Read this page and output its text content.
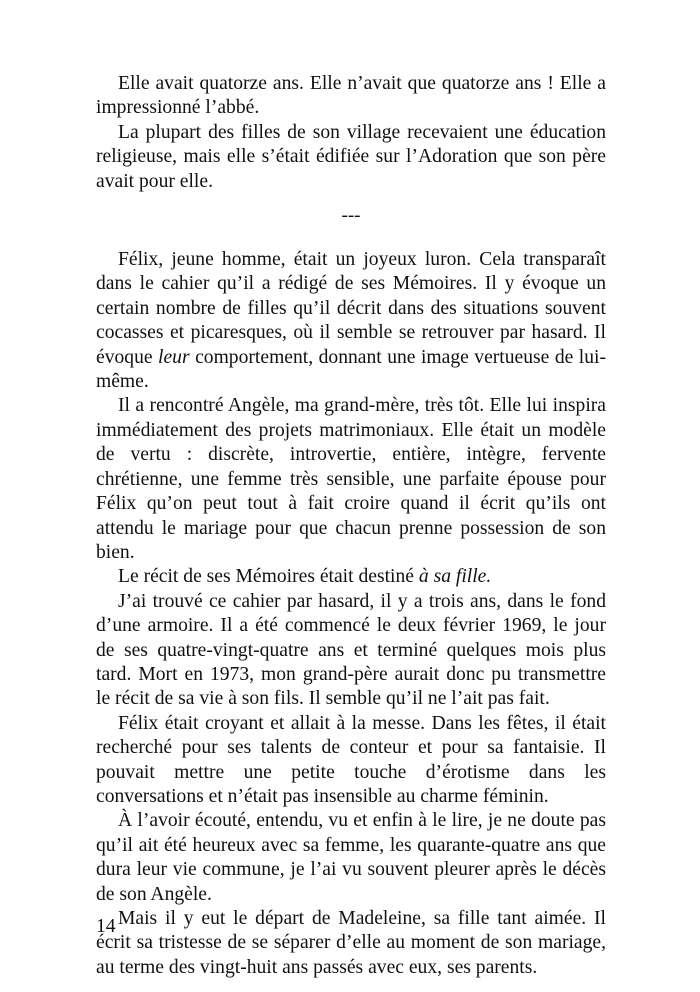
Elle avait quatorze ans. Elle n’avait que quatorze ans ! Elle a impressionné l’abbé.

La plupart des filles de son village recevaient une éducation religieuse, mais elle s’était édifiée sur l’Adoration que son père avait pour elle.

---

Félix, jeune homme, était un joyeux luron. Cela transparaît dans le cahier qu’il a rédigé de ses Mémoires. Il y évoque un certain nombre de filles qu’il décrit dans des situations souvent cocasses et picaresques, où il semble se retrouver par hasard. Il évoque leur comportement, donnant une image vertueuse de lui-même.

Il a rencontré Angèle, ma grand-mère, très tôt. Elle lui inspira immédiatement des projets matrimoniaux. Elle était un modèle de vertu : discrète, introvertie, entière, intègre, fervente chrétienne, une femme très sensible, une parfaite épouse pour Félix qu’on peut tout à fait croire quand il écrit qu’ils ont attendu le mariage pour que chacun prenne possession de son bien.

Le récit de ses Mémoires était destiné à sa fille.

J’ai trouvé ce cahier par hasard, il y a trois ans, dans le fond d’une armoire. Il a été commencé le deux février 1969, le jour de ses quatre-vingt-quatre ans et terminé quelques mois plus tard. Mort en 1973, mon grand-père aurait donc pu transmettre le récit de sa vie à son fils. Il semble qu’il ne l’ait pas fait.

Félix était croyant et allait à la messe. Dans les fêtes, il était recherché pour ses talents de conteur et pour sa fantaisie. Il pouvait mettre une petite touche d’érotisme dans les conversations et n’était pas insensible au charme féminin.

À l’avoir écouté, entendu, vu et enfin à le lire, je ne doute pas qu’il ait été heureux avec sa femme, les quarante-quatre ans que dura leur vie commune, je l’ai vu souvent pleurer après le décès de son Angèle.

Mais il y eut le départ de Madeleine, sa fille tant aimée. Il écrit sa tristesse de se séparer d’elle au moment de son mariage, au terme des vingt-huit ans passés avec eux, ses parents.

14
